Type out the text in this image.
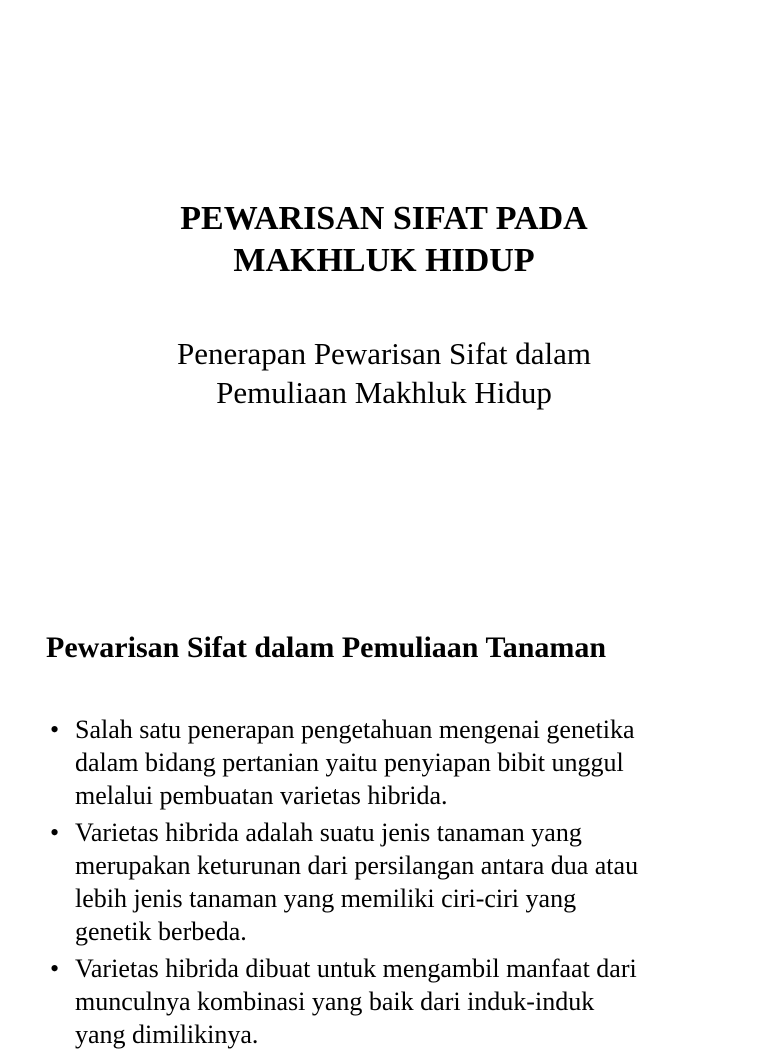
PEWARISAN SIFAT PADA
MAKHLUK HIDUP
Penerapan Pewarisan Sifat dalam
Pemuliaan Makhluk Hidup
Pewarisan Sifat dalam Pemuliaan Tanaman
• Salah satu penerapan pengetahuan mengenai genetika
dalam bidang pertanian yaitu penyiapan bibit unggul
melalui pembuatan varietas hibrida.
• Varietas hibrida adalah suatu jenis tanaman yang
merupakan keturunan dari persilangan antara dua atau
lebih jenis tanaman yang memiliki ciri-ciri yang
genetik berbeda.
• Varietas hibrida dibuat untuk mengambil manfaat dari
munculnya kombinasi yang baik dari induk-induk
yang dimilikinya.
